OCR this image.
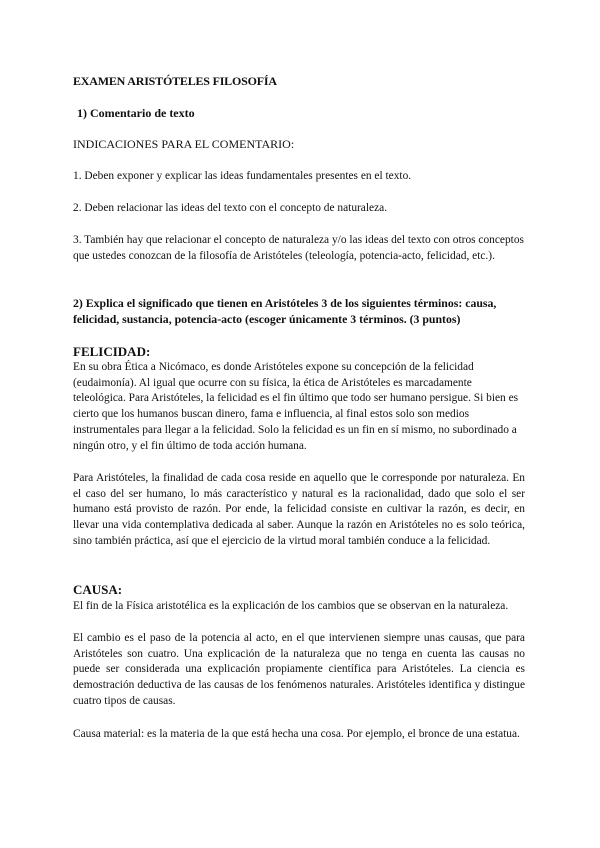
EXAMEN ARISTÓTELES FILOSOFÍA

1) Comentario de texto

INDICACIONES PARA EL COMENTARIO:

1. Deben exponer y explicar las ideas fundamentales presentes en el texto.

2. Deben relacionar las ideas del texto con el concepto de naturaleza.

3. También hay que relacionar el concepto de naturaleza y/o las ideas del texto con otros conceptos que ustedes conozcan de la filosofía de Aristóteles (teleología, potencia-acto, felicidad, etc.).

2) Explica el significado que tienen en Aristóteles 3 de los siguientes términos: causa, felicidad, sustancia, potencia-acto (escoger únicamente 3 términos. (3 puntos)

FELICIDAD:

En su obra Ética a Nicómaco, es donde Aristóteles expone su concepción de la felicidad (eudaimonía). Al igual que ocurre con su física, la ética de Aristóteles es marcadamente teleológica. Para Aristóteles, la felicidad es el fin último que todo ser humano persigue. Si bien es cierto que los humanos buscan dinero, fama e influencia, al final estos solo son medios instrumentales para llegar a la felicidad. Solo la felicidad es un fin en sí mismo, no subordinado a ningún otro, y el fin último de toda acción humana.

Para Aristóteles, la finalidad de cada cosa reside en aquello que le corresponde por naturaleza. En el caso del ser humano, lo más característico y natural es la racionalidad, dado que solo el ser humano está provisto de razón. Por ende, la felicidad consiste en cultivar la razón, es decir, en llevar una vida contemplativa dedicada al saber. Aunque la razón en Aristóteles no es solo teórica, sino también práctica, así que el ejercicio de la virtud moral también conduce a la felicidad.

CAUSA:

El fin de la Física aristotélica es la explicación de los cambios que se observan en la naturaleza.

El cambio es el paso de la potencia al acto, en el que intervienen siempre unas causas, que para Aristóteles son cuatro. Una explicación de la naturaleza que no tenga en cuenta las causas no puede ser considerada una explicación propiamente científica para Aristóteles. La ciencia es demostración deductiva de las causas de los fenómenos naturales. Aristóteles identifica y distingue cuatro tipos de causas.

Causa material: es la materia de la que está hecha una cosa. Por ejemplo, el bronce de una estatua.
